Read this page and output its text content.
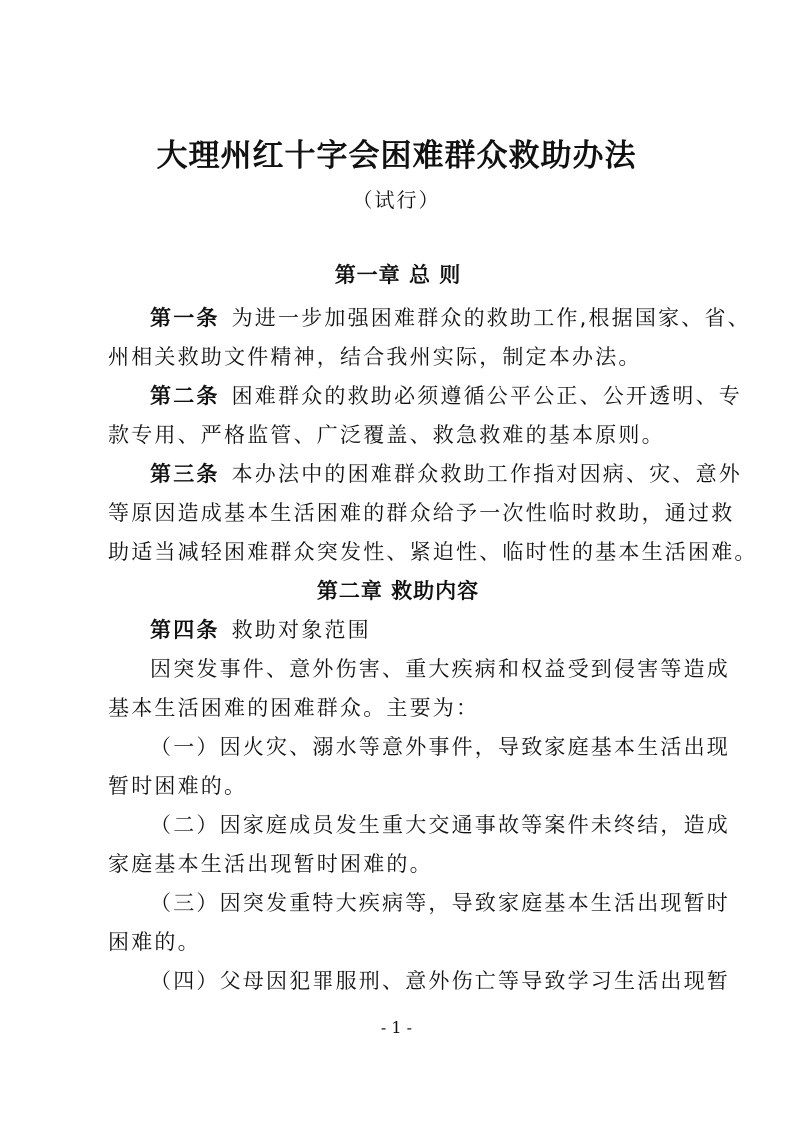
大理州红十字会困难群众救助办法
（试行）
第一章 总 则
第一条 为进一步加强困难群众的救助工作,根据国家、省、
州相关救助文件精神，结合我州实际，制定本办法。
第二条 困难群众的救助必须遵循公平公正、公开透明、专
款专用、严格监管、广泛覆盖、救急救难的基本原则。
第三条 本办法中的困难群众救助工作指对因病、灾、意外
等原因造成基本生活困难的群众给予一次性临时救助，通过救
助适当减轻困难群众突发性、紧迫性、临时性的基本生活困难。
第二章 救助内容
第四条 救助对象范围
因突发事件、意外伤害、重大疾病和权益受到侵害等造成
基本生活困难的困难群众。主要为：
（一）因火灾、溺水等意外事件，导致家庭基本生活出现
暂时困难的。
（二）因家庭成员发生重大交通事故等案件未终结，造成
家庭基本生活出现暂时困难的。
（三）因突发重特大疾病等，导致家庭基本生活出现暂时
困难的。
（四）父母因犯罪服刑、意外伤亡等导致学习生活出现暂
- 1 -
